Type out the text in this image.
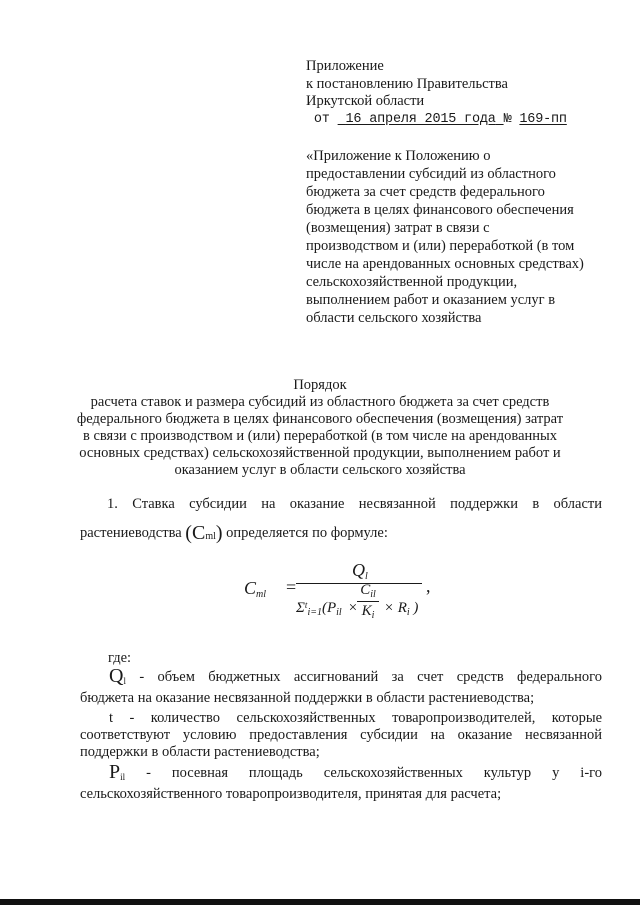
Приложение
к постановлению Правительства
Иркутской области
от 16 апреля 2015 года № 169-пп
«Приложение к Положению о
предоставлении субсидий из областного
бюджета за счет средств федерального
бюджета в целях финансового обеспечения
(возмещения) затрат в связи с
производством и (или) переработкой (в том
числе на арендованных основных средствах)
сельскохозяйственной продукции,
выполнением работ и оказанием услуг в
области сельского хозяйства
Порядок
расчета ставок и размера субсидий из областного бюджета за счет средств
федерального бюджета в целях финансового обеспечения (возмещения) затрат
в связи с производством и (или) переработкой (в том числе на арендованных
основных средствах) сельскохозяйственной продукции, выполнением работ и
оказанием услуг в области сельского хозяйства
1. Ставка субсидии на оказание несвязанной поддержки в области
растениеводства (Cml) определяется по формуле:
$C_{ml}$ =
$Q_l$	,
$\Sigma^t_{i=1}(P_{il}$ × × $R_i$ )
$C_{il}$
$K_i$
где:
$Q_l$ - объем бюджетных ассигнований за счет средств федерального
бюджета на оказание несвязанной поддержки в области растениеводства;
t - количество сельскохозяйственных товаропроизводителей, которые
соответствуют условию предоставления субсидии на оказание несвязанной
поддержки в области растениеводства;
$P_{il}$ - посевная площадь сельскохозяйственных культур у i-го
сельскохозяйственного товаропроизводителя, принятая для расчета;
